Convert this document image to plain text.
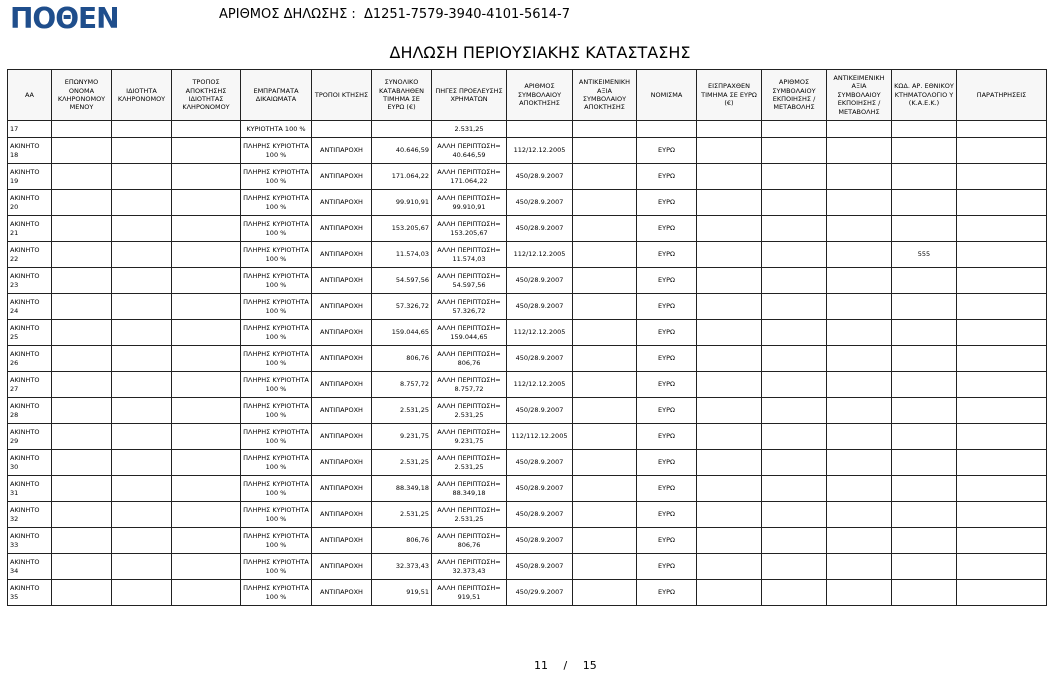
ΠΟΘΕΝ	ΑΡΙΘΜΟΣ ΔΗΛΩΣΗΣ : Δ1251-7579-3940-4101-5614-7
ΔΗΛΩΣΗ ΠΕΡΙΟΥΣΙΑΚΗΣ ΚΑΤΑΣΤΑΣΗΣ
ΑΑ	ΕΠΩΝΥΜΟ ΟΝΟΜΑ ΚΛΗΡΟΝΟΜΟΥ ΜΕΝΟΥ	ΙΔΙΟΤΗΤΑ ΚΛΗΡΟΝΟΜΟΥ	ΤΡΟΠΟΣ ΑΠΟΚΤΗΣΗΣ ΙΔΙΟΤΗΤΑΣ ΚΛΗΡΟΝΟΜΟΥ	ΕΜΠΡΑΓΜΑΤΑ ΔΙΚΑΙΩΜΑΤΑ	ΤΡΟΠΟΙ ΚΤΗΣΗΣ	ΣΥΝΟΛΙΚΟ ΚΑΤΑΒΛΗΘΕΝ ΤΙΜΗΜΑ ΣΕ ΕΥΡΩ (€)	ΠΗΓΕΣ ΠΡΟΕΛΕΥΣΗΣ ΧΡΗΜΑΤΩΝ	ΑΡΙΘΜΟΣ ΣΥΜΒΟΛΑΙΟΥ ΑΠΟΚΤΗΣΗΣ	ΑΝΤΙΚΕΙΜΕΝΙΚΗ ΑΞΙΑ ΣΥΜΒΟΛΑΙΟΥ ΑΠΟΚΤΗΣΗΣ	ΝΟΜΙΣΜΑ	ΕΙΣΠΡΑΧΘΕΝ ΤΙΜΗΜΑ ΣΕ ΕΥΡΩ (€)	ΑΡΙΘΜΟΣ ΣΥΜΒΟΛΑΙΟΥ ΕΚΠΟΙΗΣΗΣ /ΜΕΤΑΒΟΛΗΣ	ΑΝΤΙΚΕΙΜΕΝΙΚΗ ΑΞΙΑ ΣΥΜΒΟΛΑΙΟΥ ΕΚΠΟΙΗΣΗΣ / ΜΕΤΑΒΟΛΗΣ	ΚΩΔ. ΑΡ. ΕΘΝΙΚΟΥ ΚΤΗΜΑΤΟΛΟΓΙΟ Υ (Κ.Α.Ε.Κ.)	ΠΑΡΑΤΗΡΗΣΕΙΣ
17				ΚΥΡΙΟΤΗΤΑ 100 %			2.531,25								
ΑΚΙΝΗΤΟ 18				ΠΛΗΡΗΣ ΚΥΡΙΟΤΗΤΑ 100 %	ΑΝΤΙΠΑΡΟΧΗ	40.646,59	ΑΛΛΗ ΠΕΡΙΠΤΩΣΗ= 40.646,59	112/12.12.2005		ΕΥΡΩ					
ΑΚΙΝΗΤΟ 19				ΠΛΗΡΗΣ ΚΥΡΙΟΤΗΤΑ 100 %	ΑΝΤΙΠΑΡΟΧΗ	171.064,22	ΑΛΛΗ ΠΕΡΙΠΤΩΣΗ= 171.064,22	450/28.9.2007		ΕΥΡΩ					
ΑΚΙΝΗΤΟ 20				ΠΛΗΡΗΣ ΚΥΡΙΟΤΗΤΑ 100 %	ΑΝΤΙΠΑΡΟΧΗ	99.910,91	ΑΛΛΗ ΠΕΡΙΠΤΩΣΗ= 99.910,91	450/28.9.2007		ΕΥΡΩ					
ΑΚΙΝΗΤΟ 21				ΠΛΗΡΗΣ ΚΥΡΙΟΤΗΤΑ 100 %	ΑΝΤΙΠΑΡΟΧΗ	153.205,67	ΑΛΛΗ ΠΕΡΙΠΤΩΣΗ= 153.205,67	450/28.9.2007		ΕΥΡΩ					
ΑΚΙΝΗΤΟ 22				ΠΛΗΡΗΣ ΚΥΡΙΟΤΗΤΑ 100 %	ΑΝΤΙΠΑΡΟΧΗ	11.574,03	ΑΛΛΗ ΠΕΡΙΠΤΩΣΗ= 11.574,03	112/12.12.2005		ΕΥΡΩ				555	
ΑΚΙΝΗΤΟ 23				ΠΛΗΡΗΣ ΚΥΡΙΟΤΗΤΑ 100 %	ΑΝΤΙΠΑΡΟΧΗ	54.597,56	ΑΛΛΗ ΠΕΡΙΠΤΩΣΗ= 54.597,56	450/28.9.2007		ΕΥΡΩ					
ΑΚΙΝΗΤΟ 24				ΠΛΗΡΗΣ ΚΥΡΙΟΤΗΤΑ 100 %	ΑΝΤΙΠΑΡΟΧΗ	57.326,72	ΑΛΛΗ ΠΕΡΙΠΤΩΣΗ= 57.326,72	450/28.9.2007		ΕΥΡΩ					
ΑΚΙΝΗΤΟ 25				ΠΛΗΡΗΣ ΚΥΡΙΟΤΗΤΑ 100 %	ΑΝΤΙΠΑΡΟΧΗ	159.044,65	ΑΛΛΗ ΠΕΡΙΠΤΩΣΗ= 159.044,65	112/12.12.2005		ΕΥΡΩ					
ΑΚΙΝΗΤΟ 26				ΠΛΗΡΗΣ ΚΥΡΙΟΤΗΤΑ 100 %	ΑΝΤΙΠΑΡΟΧΗ	806,76	ΑΛΛΗ ΠΕΡΙΠΤΩΣΗ= 806,76	450/28.9.2007		ΕΥΡΩ					
ΑΚΙΝΗΤΟ 27				ΠΛΗΡΗΣ ΚΥΡΙΟΤΗΤΑ 100 %	ΑΝΤΙΠΑΡΟΧΗ	8.757,72	ΑΛΛΗ ΠΕΡΙΠΤΩΣΗ= 8.757,72	112/12.12.2005		ΕΥΡΩ					
ΑΚΙΝΗΤΟ 28				ΠΛΗΡΗΣ ΚΥΡΙΟΤΗΤΑ 100 %	ΑΝΤΙΠΑΡΟΧΗ	2.531,25	ΑΛΛΗ ΠΕΡΙΠΤΩΣΗ= 2.531,25	450/28.9.2007		ΕΥΡΩ					
ΑΚΙΝΗΤΟ 29				ΠΛΗΡΗΣ ΚΥΡΙΟΤΗΤΑ 100 %	ΑΝΤΙΠΑΡΟΧΗ	9.231,75	ΑΛΛΗ ΠΕΡΙΠΤΩΣΗ= 9.231,75	112/112.12.2005		ΕΥΡΩ					
ΑΚΙΝΗΤΟ 30				ΠΛΗΡΗΣ ΚΥΡΙΟΤΗΤΑ 100 %	ΑΝΤΙΠΑΡΟΧΗ	2.531,25	ΑΛΛΗ ΠΕΡΙΠΤΩΣΗ= 2.531,25	450/28.9.2007		ΕΥΡΩ					
ΑΚΙΝΗΤΟ 31				ΠΛΗΡΗΣ ΚΥΡΙΟΤΗΤΑ 100 %	ΑΝΤΙΠΑΡΟΧΗ	88.349,18	ΑΛΛΗ ΠΕΡΙΠΤΩΣΗ= 88.349,18	450/28.9.2007		ΕΥΡΩ					
ΑΚΙΝΗΤΟ 32				ΠΛΗΡΗΣ ΚΥΡΙΟΤΗΤΑ 100 %	ΑΝΤΙΠΑΡΟΧΗ	2.531,25	ΑΛΛΗ ΠΕΡΙΠΤΩΣΗ= 2.531,25	450/28.9.2007		ΕΥΡΩ					
ΑΚΙΝΗΤΟ 33				ΠΛΗΡΗΣ ΚΥΡΙΟΤΗΤΑ 100 %	ΑΝΤΙΠΑΡΟΧΗ	806,76	ΑΛΛΗ ΠΕΡΙΠΤΩΣΗ= 806,76	450/28.9.2007		ΕΥΡΩ					
ΑΚΙΝΗΤΟ 34				ΠΛΗΡΗΣ ΚΥΡΙΟΤΗΤΑ 100 %	ΑΝΤΙΠΑΡΟΧΗ	32.373,43	ΑΛΛΗ ΠΕΡΙΠΤΩΣΗ= 32.373,43	450/28.9.2007		ΕΥΡΩ					
ΑΚΙΝΗΤΟ 35				ΠΛΗΡΗΣ ΚΥΡΙΟΤΗΤΑ 100 %	ΑΝΤΙΠΑΡΟΧΗ	919,51	ΑΛΛΗ ΠΕΡΙΠΤΩΣΗ= 919,51	450/29.9.2007		ΕΥΡΩ					
11 / 15
